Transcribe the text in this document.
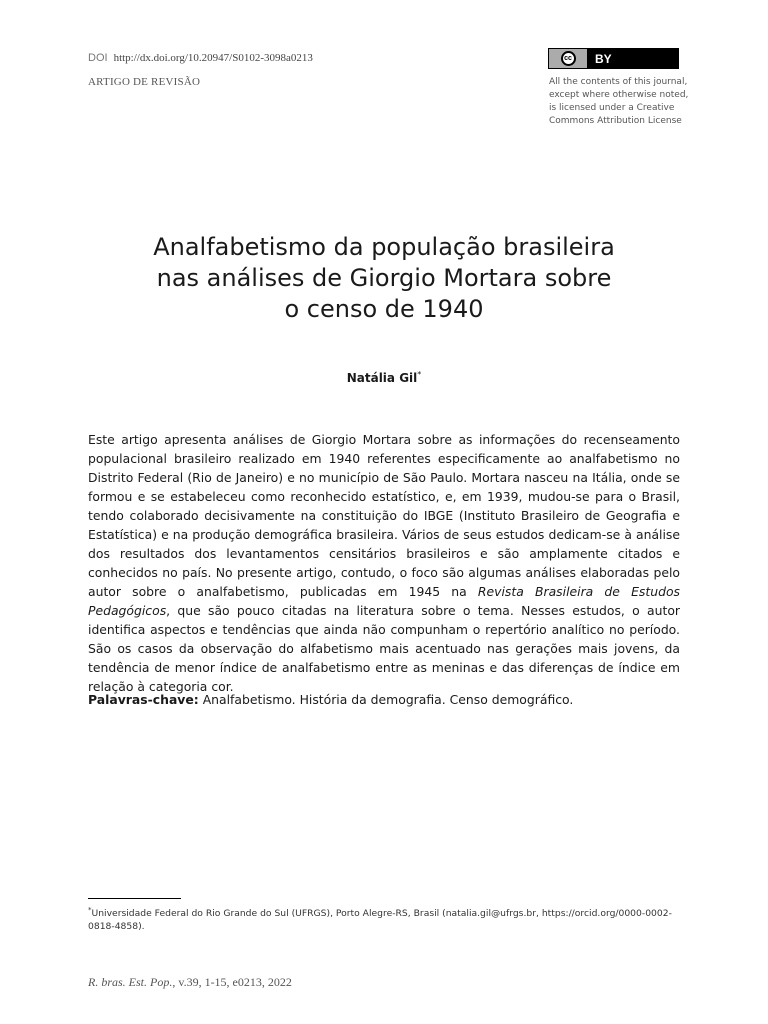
DOI http://dx.doi.org/10.20947/S0102-3098a0213
ARTIGO DE REVISÃO
cc	BY
All the contents of this journal, except where otherwise noted, is licensed under a Creative Commons Attribution License
Analfabetismo da população brasileira
nas análises de Giorgio Mortara sobre
o censo de 1940
Natália Gil*

Este artigo apresenta análises de Giorgio Mortara sobre as informações do recenseamento populacional brasileiro realizado em 1940 referentes especificamente ao analfabetismo no Distrito Federal (Rio de Janeiro) e no município de São Paulo. Mortara nasceu na Itália, onde se formou e se estabeleceu como reconhecido estatístico, e, em 1939, mudou-se para o Brasil, tendo colaborado decisivamente na constituição do IBGE (Instituto Brasileiro de Geografia e Estatística) e na produção demográfica brasileira. Vários de seus estudos dedicam-se à análise dos resultados dos levantamentos censitários brasileiros e são amplamente citados e conhecidos no país. No presente artigo, contudo, o foco são algumas análises elaboradas pelo autor sobre o analfabetismo, publicadas em 1945 na Revista Brasileira de Estudos Pedagógicos, que são pouco citadas na literatura sobre o tema. Nesses estudos, o autor identifica aspectos e tendências que ainda não compunham o repertório analítico no período. São os casos da observação do alfabetismo mais acentuado nas gerações mais jovens, da tendência de menor índice de analfabetismo entre as meninas e das diferenças de índice em relação à categoria cor.

Palavras-chave: Analfabetismo. História da demografia. Censo demográfico.

*Universidade Federal do Rio Grande do Sul (UFRGS), Porto Alegre-RS, Brasil (natalia.gil@ufrgs.br, https://orcid.org/0000-0002-0818-4858).

R. bras. Est. Pop., v.39, 1-15, e0213, 2022
